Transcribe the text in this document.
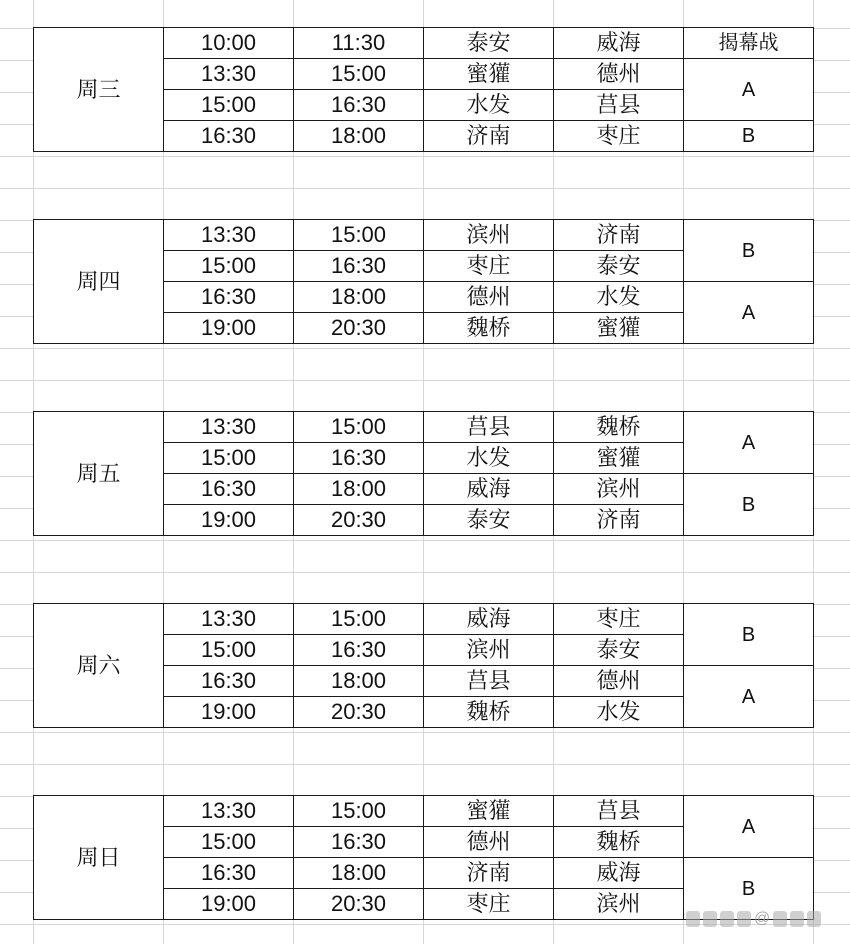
周三	10:00	11:30	泰安	威海	揭幕战
	13:30	15:00	蜜獾	德州	A
	15:00	16:30	水发	莒县	
	16:30	18:00	济南	枣庄	B
周四	13:30	15:00	滨州	济南	B
	15:00	16:30	枣庄	泰安	
	16:30	18:00	德州	水发	A
	19:00	20:30	魏桥	蜜獾	
周五	13:30	15:00	莒县	魏桥	A
	15:00	16:30	水发	蜜獾	
	16:30	18:00	威海	滨州	B
	19:00	20:30	泰安	济南	
周六	13:30	15:00	威海	枣庄	B
	15:00	16:30	滨州	泰安	
	16:30	18:00	莒县	德州	A
	19:00	20:30	魏桥	水发	
周日	13:30	15:00	蜜獾	莒县	A
	15:00	16:30	德州	魏桥	
	16:30	18:00	济南	威海	B
	19:00	20:30	枣庄	滨州	
@
